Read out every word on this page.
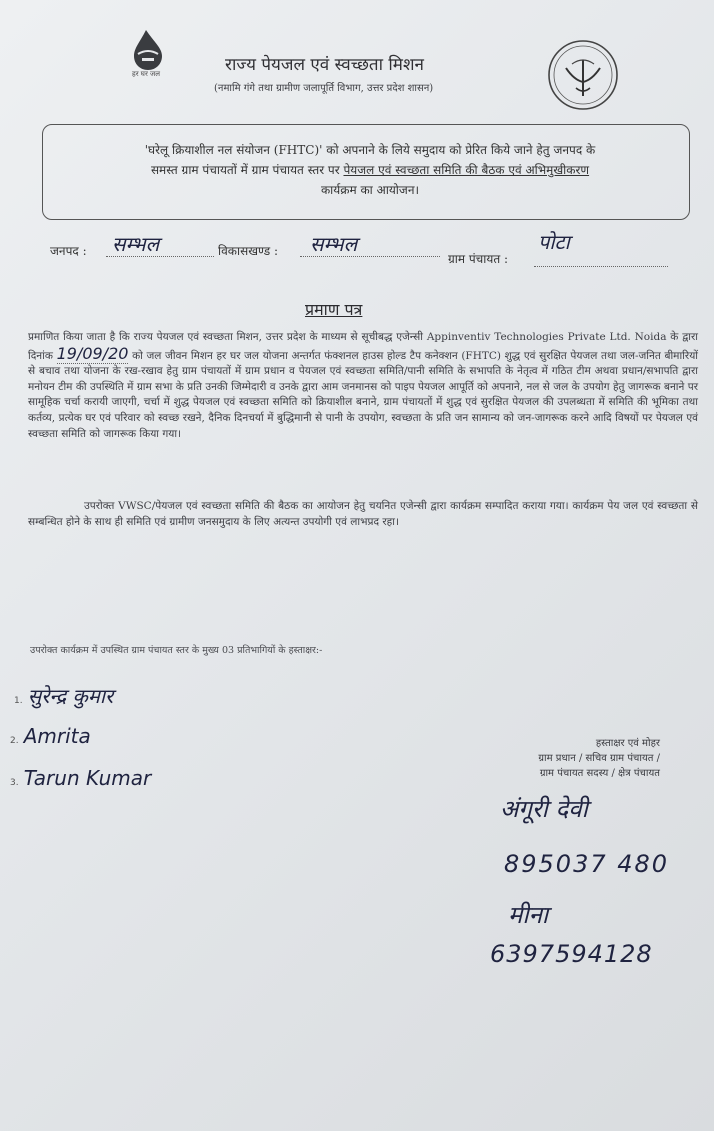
हर घर जल	राज्य पेयजल एवं स्वच्छता मिशन
(नमामि गंगे तथा ग्रामीण जलापूर्ति विभाग, उत्तर प्रदेश शासन)
'घरेलू क्रियाशील नल संयोजन (FHTC)' को अपनाने के लिये समुदाय को प्रेरित किये जाने हेतु जनपद के
समस्त ग्राम पंचायतों में ग्राम पंचायत स्तर पर पेयजल एवं स्वच्छता समिति की बैठक एवं अभिमुखीकरण
कार्यक्रम का आयोजन।
जनपद : सम्भल	विकासखण्ड : सम्भल
ग्राम पंचायत :
पोटा
प्रमाण पत्र
प्रमाणित किया जाता है कि राज्य पेयजल एवं स्वच्छता मिशन, उत्तर प्रदेश के माध्यम से सूचीबद्ध एजेन्सी Appinventiv Technologies Private Ltd. Noida के द्वारा दिनांक 19/09/20 को जल जीवन मिशन हर घर जल योजना अन्तर्गत फंक्शनल हाउस होल्ड टैप कनेक्शन (FHTC) शुद्ध एवं सुरक्षित पेयजल तथा जल-जनित बीमारियों से बचाव तथा योजना के रख-रखाव हेतु ग्राम पंचायतों में ग्राम प्रधान व पेयजल एवं स्वच्छता समिति/पानी समिति के सभापति के नेतृत्व में गठित टीम अथवा प्रधान/सभापति द्वारा मनोयन टीम की उपस्थिति में ग्राम सभा के प्रति उनकी जिम्मेदारी व उनके द्वारा आम जनमानस को पाइप पेयजल आपूर्ति को अपनाने, नल से जल के उपयोग हेतु जागरूक बनाने पर सामूहिक चर्चा करायी जाएगी, चर्चा में शुद्ध पेयजल एवं स्वच्छता समिति को क्रियाशील बनाने, ग्राम पंचायतों में शुद्ध एवं सुरक्षित पेयजल की उपलब्धता में समिति की भूमिका तथा कर्तव्य, प्रत्येक घर एवं परिवार को स्वच्छ रखने, दैनिक दिनचर्या में बुद्धिमानी से पानी के उपयोग, स्वच्छता के प्रति जन सामान्य को जन-जागरूक करने आदि विषयों पर पेयजल एवं स्वच्छता समिति को जागरूक किया गया।
उपरोक्त VWSC/पेयजल एवं स्वच्छता समिति की बैठक का आयोजन हेतु चयनित एजेन्सी द्वारा कार्यक्रम सम्पादित कराया गया। कार्यक्रम पेय जल एवं स्वच्छता से सम्बन्धित होने के साथ ही समिति एवं ग्रामीण जनसमुदाय के लिए अत्यन्त उपयोगी एवं लाभप्रद रहा।
उपरोक्त कार्यक्रम में उपस्थित ग्राम पंचायत स्तर के मुख्य 03 प्रतिभागियों के हस्ताक्षर:-
1. सुरेन्द्र कुमार
2. Amrita
3. Tarun Kumar
हस्ताक्षर एवं मोहर
ग्राम प्रधान / सचिव ग्राम पंचायत /
ग्राम पंचायत सदस्य / क्षेत्र पंचायत
अंगूरी देवी
895037 480
मीना
6397594128
